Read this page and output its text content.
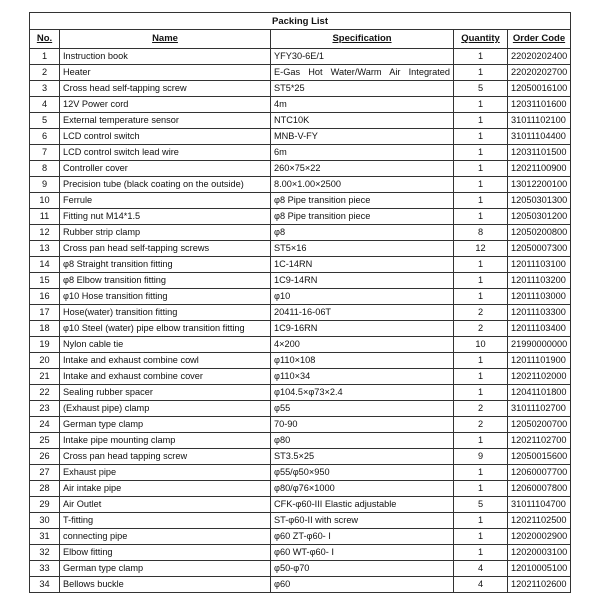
Packing List				
No.	Name	Specification	Quantity	Order Code
1	Instruction book	YFY30-6E/1	1	22020202400
2	Heater	E-Gas Hot Water/Warm Air Integrated	1	22020202700
3	Cross head self-tapping screw	ST5*25	5	12050016100
4	12V Power cord	4m	1	12031101600
5	External temperature sensor	NTC10K	1	31011102100
6	LCD control switch	MNB-V-FY	1	31011104400
7	LCD control switch lead wire	6m	1	12031101500
8	Controller cover	260×75×22	1	12021100900
9	Precision tube (black coating on the outside)	8.00×1.00×2500	1	13012200100
10	Ferrule	φ8 Pipe transition piece	1	12050301300
11	Fitting nut M14*1.5	φ8 Pipe transition piece	1	12050301200
12	Rubber strip clamp	φ8	8	12050200800
13	Cross pan head self-tapping screws	ST5×16	12	12050007300
14	φ8 Straight transition fitting	1C-14RN	1	12011103100
15	φ8 Elbow transition fitting	1C9-14RN	1	12011103200
16	φ10 Hose transition fitting	φ10	1	12011103000
17	Hose(water) transition fitting	20411-16-06T	2	12011103300
18	φ10 Steel (water) pipe elbow transition fitting	1C9-16RN	2	12011103400
19	Nylon cable tie	4×200	10	21990000000
20	Intake and exhaust combine cowl	φ110×108	1	12011101900
21	Intake and exhaust combine cover	φ110×34	1	12021102000
22	Sealing rubber spacer	φ104.5×φ73×2.4	1	12041101800
23	(Exhaust pipe) clamp	φ55	2	31011102700
24	German type clamp	70-90	2	12050200700
25	Intake pipe mounting clamp	φ80	1	12021102700
26	Cross pan head tapping screw	ST3.5×25	9	12050015600
27	Exhaust pipe	φ55/φ50×950	1	12060007700
28	Air intake pipe	φ80/φ76×1000	1	12060007800
29	Air Outlet	CFK-φ60-III Elastic adjustable	5	31011104700
30	T-fitting	ST-φ60-II with screw	1	12021102500
31	connecting pipe	φ60 ZT-φ60- Ⅰ	1	12020002900
32	Elbow fitting	φ60 WT-φ60- Ⅰ	1	12020003100
33	German type clamp	φ50-φ70	4	12010005100
34	Bellows buckle	φ60	4	12021102600
